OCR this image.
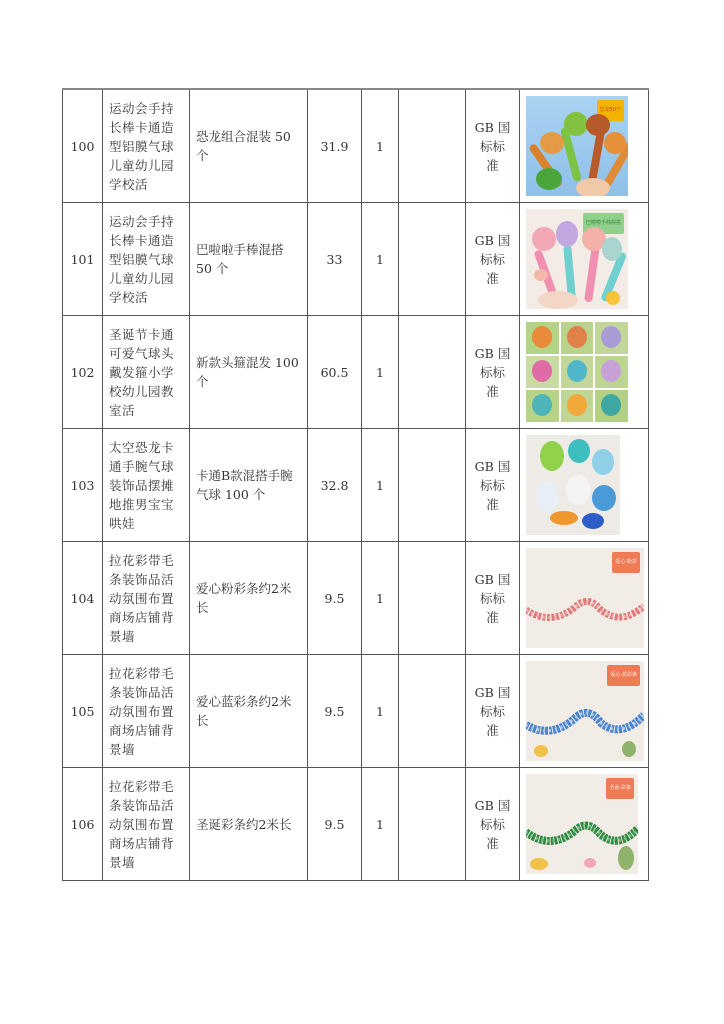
100	运动会手持长棒卡通造型铝膜气球儿童幼儿园学校活	恐龙组合混装 50 个	31.9	1		GB 国标标准	恐龙50个

101	运动会手持长棒卡通造型铝膜气球儿童幼儿园学校活	巴啦啦手棒混搭 50 个	33	1		GB 国标标准	巴啦啦手棒混搭

102	圣诞节卡通可爱气球头戴发箍小学校幼儿园教室活	新款头箍混发 100 个	60.5	1		GB 国标标准	

103	太空恐龙卡通手腕气球装饰品摆摊地推男宝宝哄娃	卡通B款混搭手腕气球 100 个	32.8	1		GB 国标标准	

104	拉花彩带毛条装饰品活动氛围布置商场店铺背景墙	爱心粉彩条约2米长	9.5	1		GB 国标标准	爱心·粉彩

105	拉花彩带毛条装饰品活动氛围布置商场店铺背景墙	爱心蓝彩条约2米长	9.5	1		GB 国标标准	爱心·蓝彩条

106	拉花彩带毛条装饰品活动氛围布置商场店铺背景墙	圣诞彩条约2米长	9.5	1		GB 国标标准	圣诞·彩条
